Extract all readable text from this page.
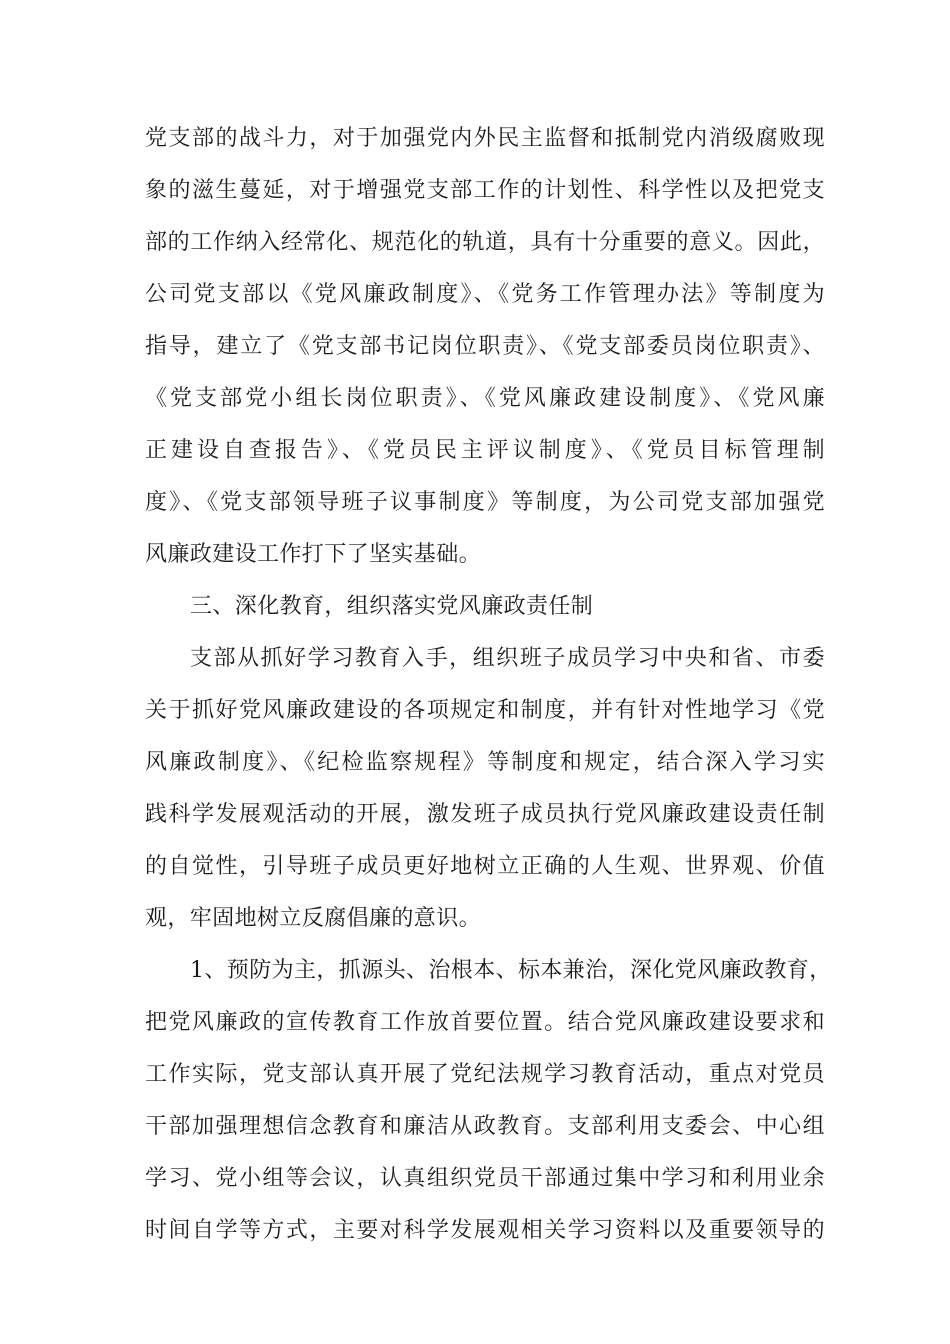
党支部的战斗力，对于加强党内外民主监督和抵制党内消级腐败现
象的滋生蔓延，对于增强党支部工作的计划性、科学性以及把党支
部的工作纳入经常化、规范化的轨道，具有十分重要的意义。因此，
公司党支部以《党风廉政制度》、《党务工作管理办法》等制度为
指导，建立了《党支部书记岗位职责》、《党支部委员岗位职责》、
《党支部党小组长岗位职责》、《党风廉政建设制度》、《党风廉
正建设自查报告》、《党员民主评议制度》、《党员目标管理制
度》、《党支部领导班子议事制度》等制度，为公司党支部加强党
风廉政建设工作打下了坚实基础。
三、深化教育，组织落实党风廉政责任制
支部从抓好学习教育入手，组织班子成员学习中央和省、市委
关于抓好党风廉政建设的各项规定和制度，并有针对性地学习《党
风廉政制度》、《纪检监察规程》等制度和规定，结合深入学习实
践科学发展观活动的开展，激发班子成员执行党风廉政建设责任制
的自觉性，引导班子成员更好地树立正确的人生观、世界观、价值
观，牢固地树立反腐倡廉的意识。
1、预防为主，抓源头、治根本、标本兼治，深化党风廉政教育，
把党风廉政的宣传教育工作放首要位置。结合党风廉政建设要求和
工作实际，党支部认真开展了党纪法规学习教育活动，重点对党员
干部加强理想信念教育和廉洁从政教育。支部利用支委会、中心组
学习、党小组等会议，认真组织党员干部通过集中学习和利用业余
时间自学等方式，主要对科学发展观相关学习资料以及重要领导的
